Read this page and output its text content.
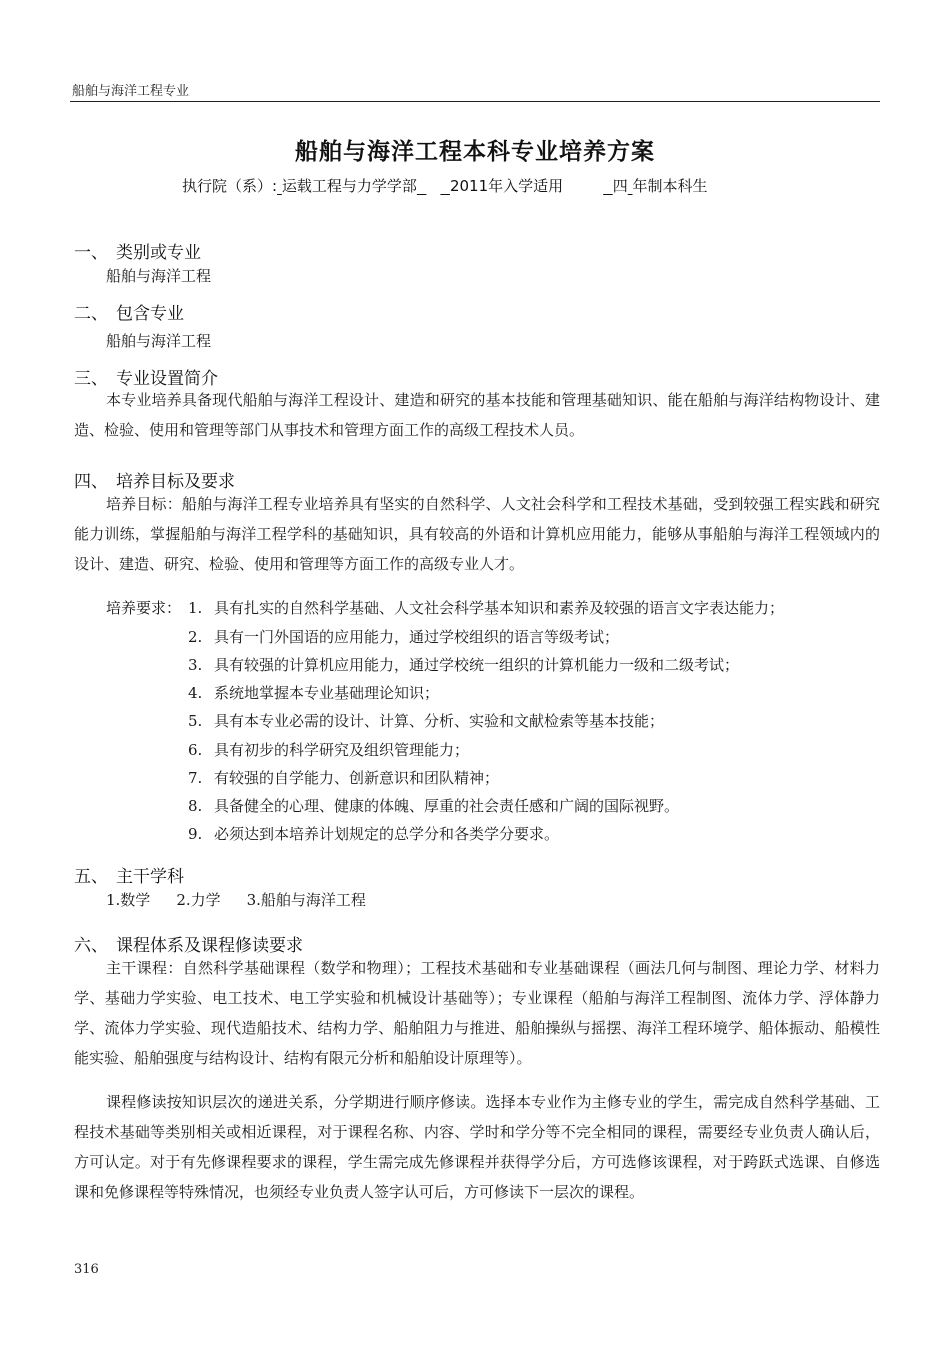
船舶与海洋工程专业
船舶与海洋工程本科专业培养方案
执行院（系）: 运载工程与力学学部 2011年入学适用	四 年制本科生
一、 类别或专业
船舶与海洋工程
二、 包含专业
船舶与海洋工程
三、 专业设置简介

本专业培养具备现代船舶与海洋工程设计、建造和研究的基本技能和管理基础知识、能在船舶与海洋结构物设计、建造、检验、使用和管理等部门从事技术和管理方面工作的高级工程技术人员。

四、 培养目标及要求

培养目标：船舶与海洋工程专业培养具有坚实的自然科学、人文社会科学和工程技术基础，受到较强工程实践和研究能力训练，掌握船舶与海洋工程学科的基础知识，具有较高的外语和计算机应用能力，能够从事船舶与海洋工程领域内的设计、建造、研究、检验、使用和管理等方面工作的高级专业人才。

培养要求： 1. 具有扎实的自然科学基础、人文社会科学基本知识和素养及较强的语言文字表达能力；
2. 具有一门外国语的应用能力，通过学校组织的语言等级考试；
3. 具有较强的计算机应用能力，通过学校统一组织的计算机能力一级和二级考试；
4. 系统地掌握本专业基础理论知识；
5. 具有本专业必需的设计、计算、分析、实验和文献检索等基本技能；
6. 具有初步的科学研究及组织管理能力；
7. 有较强的自学能力、创新意识和团队精神；
8. 具备健全的心理、健康的体魄、厚重的社会责任感和广阔的国际视野。
9. 必须达到本培养计划规定的总学分和各类学分要求。
五、 主干学科
1.数学 2.力学 3.船舶与海洋工程
六、 课程体系及课程修读要求

主干课程：自然科学基础课程（数学和物理）；工程技术基础和专业基础课程（画法几何与制图、理论力学、材料力学、基础力学实验、电工技术、电工学实验和机械设计基础等）；专业课程（船舶与海洋工程制图、流体力学、浮体静力学、流体力学实验、现代造船技术、结构力学、船舶阻力与推进、船舶操纵与摇摆、海洋工程环境学、船体振动、船模性能实验、船舶强度与结构设计、结构有限元分析和船舶设计原理等）。

课程修读按知识层次的递进关系，分学期进行顺序修读。选择本专业作为主修专业的学生，需完成自然科学基础、工程技术基础等类别相关或相近课程，对于课程名称、内容、学时和学分等不完全相同的课程，需要经专业负责人确认后，方可认定。对于有先修课程要求的课程，学生需完成先修课程并获得学分后，方可选修该课程，对于跨跃式选课、自修选课和免修课程等特殊情况，也须经专业负责人签字认可后，方可修读下一层次的课程。

316
